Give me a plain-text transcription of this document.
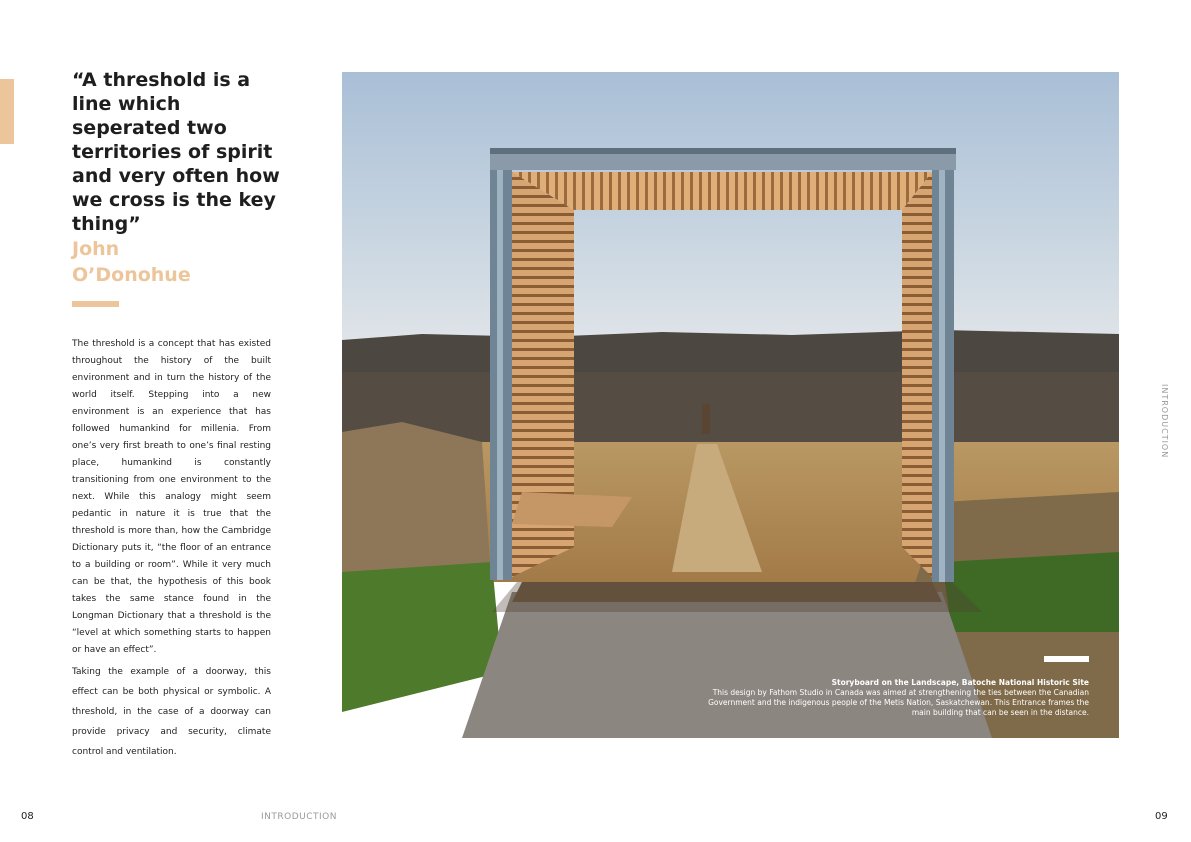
“A threshold is a line which seperated two territories of spirit and very often how we cross is the key thing”

John
O’Donohue

The threshold is a concept that has existed throughout the history of the built environment and in turn the history of the world itself. Stepping into a new environment is an experience that has followed humankind for millenia. From one’s very first breath to one’s final resting place, humankind is constantly transitioning from one environment to the next. While this analogy might seem pedantic in nature it is true that the threshold is more than, how the Cambridge Dictionary puts it, “the floor of an entrance to a building or room”. While it very much can be that, the hypothesis of this book takes the same stance found in the Longman Dictionary that a threshold is the “level at which something starts to happen or have an effect”.

Taking the example of a doorway, this effect can be both physical or symbolic. A threshold, in the case of a doorway can provide privacy and security, climate control and ventilation.

Storyboard on the Landscape, Batoche National Historic Site
This design by Fathom Studio in Canada was aimed at strengthening the ties between the Canadian Government and the indigenous people of the Metis Nation, Saskatchewan. This Entrance frames the main building that can be seen in the distance.
INTRODUCTION
08	INTRODUCTION	09
